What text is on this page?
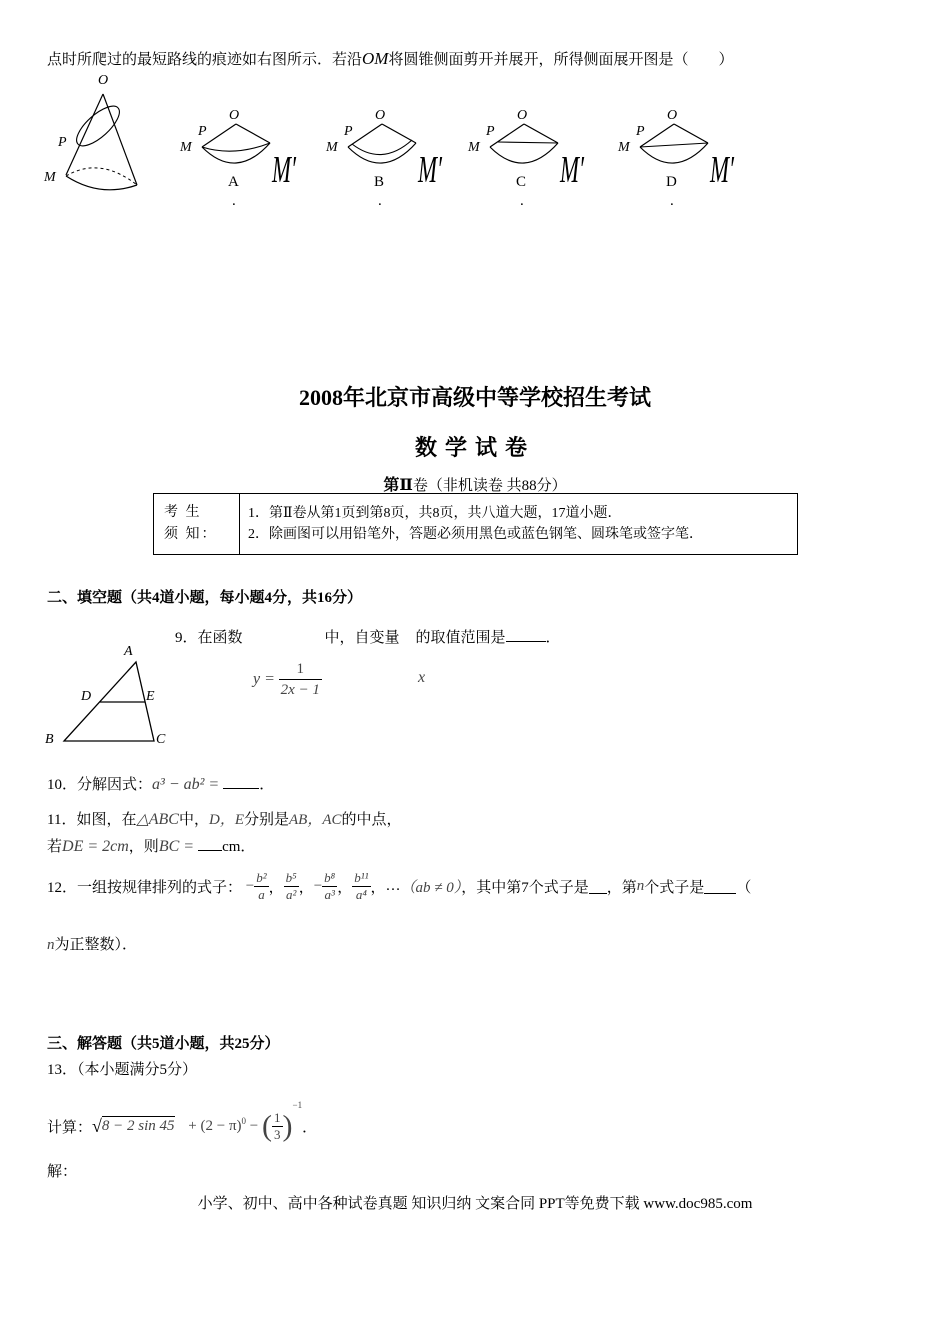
点时所爬过的最短路线的痕迹如右图所示．若沿OM将圆锥侧面剪开并展开，所得侧面展开图是（　　）
O
P
M
O
P
M
M′
A
.
O
P
M
M′
B
.
O
P
M
M′
C
.
O
P
M
M′
D
.
2008年北京市高级中等学校招生考试
数学试卷
第Ⅱ卷（非机读卷 共88分）
考 生
须 知：

1．第Ⅱ卷从第1页到第8页，共8页，共八道大题，17道小题．
2．除画图可以用铅笔外，答题必须用黑色或蓝色钢笔、圆珠笔或签字笔．
二、填空题（共4道小题，每小题4分，共16分）
9．在函数	中，自变量 的取值范围是	．
$y = \frac{1}{2x - 1}$	x
A
D	E
B	C
10．分解因式：a³ − ab² =	．
11．如图，在△ABC中，D，E分别是AB，AC的中点，
若DE = 2cm，则BC = cm．
12．一组按规律排列的式子： − $\frac{\text{b²}}{a}$ ， $\frac{\text{b⁵}}{\text{a²}}$ ，− $\frac{\text{b⁸}}{\text{a³}}$ ， $\frac{\text{b¹¹}}{\text{a⁴}}$ ，…（ab ≠ 0），其中第7个式子是 ，第n个式子是 （
n为正整数）．
三、解答题（共5道小题，共25分）
13．（本小题满分5分）
计算：√8 − 2 $\sin 45 + (2 - \pi)^0$ − ( $\frac{1}{3} )^{-1}$．
解：
小学、初中、高中各种试卷真题 知识归纳 文案合同 PPT等免费下载 www.doc985.com
